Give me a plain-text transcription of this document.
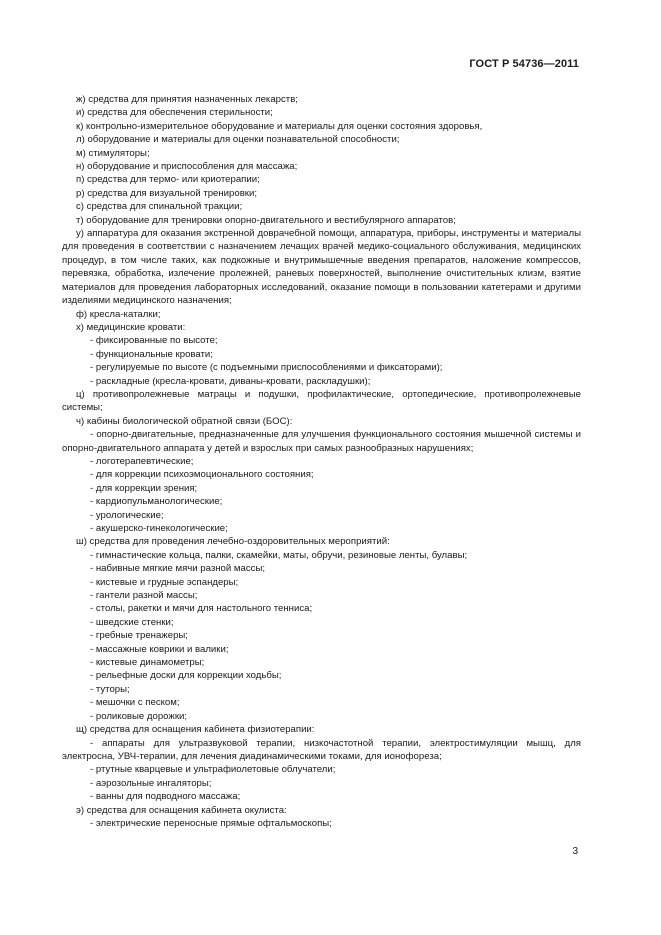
ГОСТ Р 54736—2011

ж) средства для принятия назначенных лекарств;

и) средства для обеспечения стерильности;

к) контрольно-измерительное оборудование и материалы для оценки состояния здоровья,

л) оборудование и материалы для оценки познавательной способности;

м) стимуляторы;

н) оборудование и приспособления для массажа;

п) средства для термо- или криотерапии;

р) средства для визуальной тренировки;

с) средства для спинальной тракции;

т) оборудование для тренировки опорно-двигательного и вестибулярного аппаратов;

у) аппаратура для оказания экстренной доврачебной помощи, аппаратура, приборы, инструменты и материалы для проведения в соответствии с назначением лечащих врачей медико-социального обслуживания, медицинских процедур, в том числе таких, как подкожные и внутримышечные введения препаратов, наложение компрессов, перевязка, обработка, излечение пролежней, раневых поверхностей, выполнение очистительных клизм, взятие материалов для проведения лабораторных исследований, оказание помощи в пользовании катетерами и другими изделиями медицинского назначения;

ф) кресла-каталки;

х) медицинские кровати:

- фиксированные по высоте;

- функциональные кровати;

- регулируемые по высоте (с подъемными приспособлениями и фиксаторами);

- раскладные (кресла-кровати, диваны-кровати, раскладушки);

ц) противопролежневые матрацы и подушки, профилактические, ортопедические, противопролежневые системы;

ч) кабины биологической обратной связи (БОС):

- опорно-двигательные, предназначенные для улучшения функционального состояния мышечной системы и опорно-двигательного аппарата у детей и взрослых при самых разнообразных нарушениях;

- логотерапевтические;

- для коррекции психоэмоционального состояния;

- для коррекции зрения;

- кардиопульманологические;

- урологические;

- акушерско-гинекологические;

ш) средства для проведения лечебно-оздоровительных мероприятий:

- гимнастические кольца, палки, скамейки, маты, обручи, резиновые ленты, булавы;

- набивные мягкие мячи разной массы;

- кистевые и грудные эспандеры;

- гантели разной массы;

- столы, ракетки и мячи для настольного тенниса;

- шведские стенки;

- гребные тренажеры;

- массажные коврики и валики;

- кистевые динамометры;

- рельефные доски для коррекции ходьбы;

- туторы;

- мешочки с песком;

- роликовые дорожки;

щ) средства для оснащения кабинета физиотерапии:

- аппараты для ультразвуковой терапии, низкочастотной терапии, электростимуляции мышц, для электросна, УВЧ-терапии, для лечения диадинамическими токами, для ионофореза;

- ртутные кварцевые и ультрафиолетовые облучатели;

- аэрозольные ингаляторы;

- ванны для подводного массажа;

э) средства для оснащения кабинета окулиста:

- электрические переносные прямые офтальмоскопы;

3
